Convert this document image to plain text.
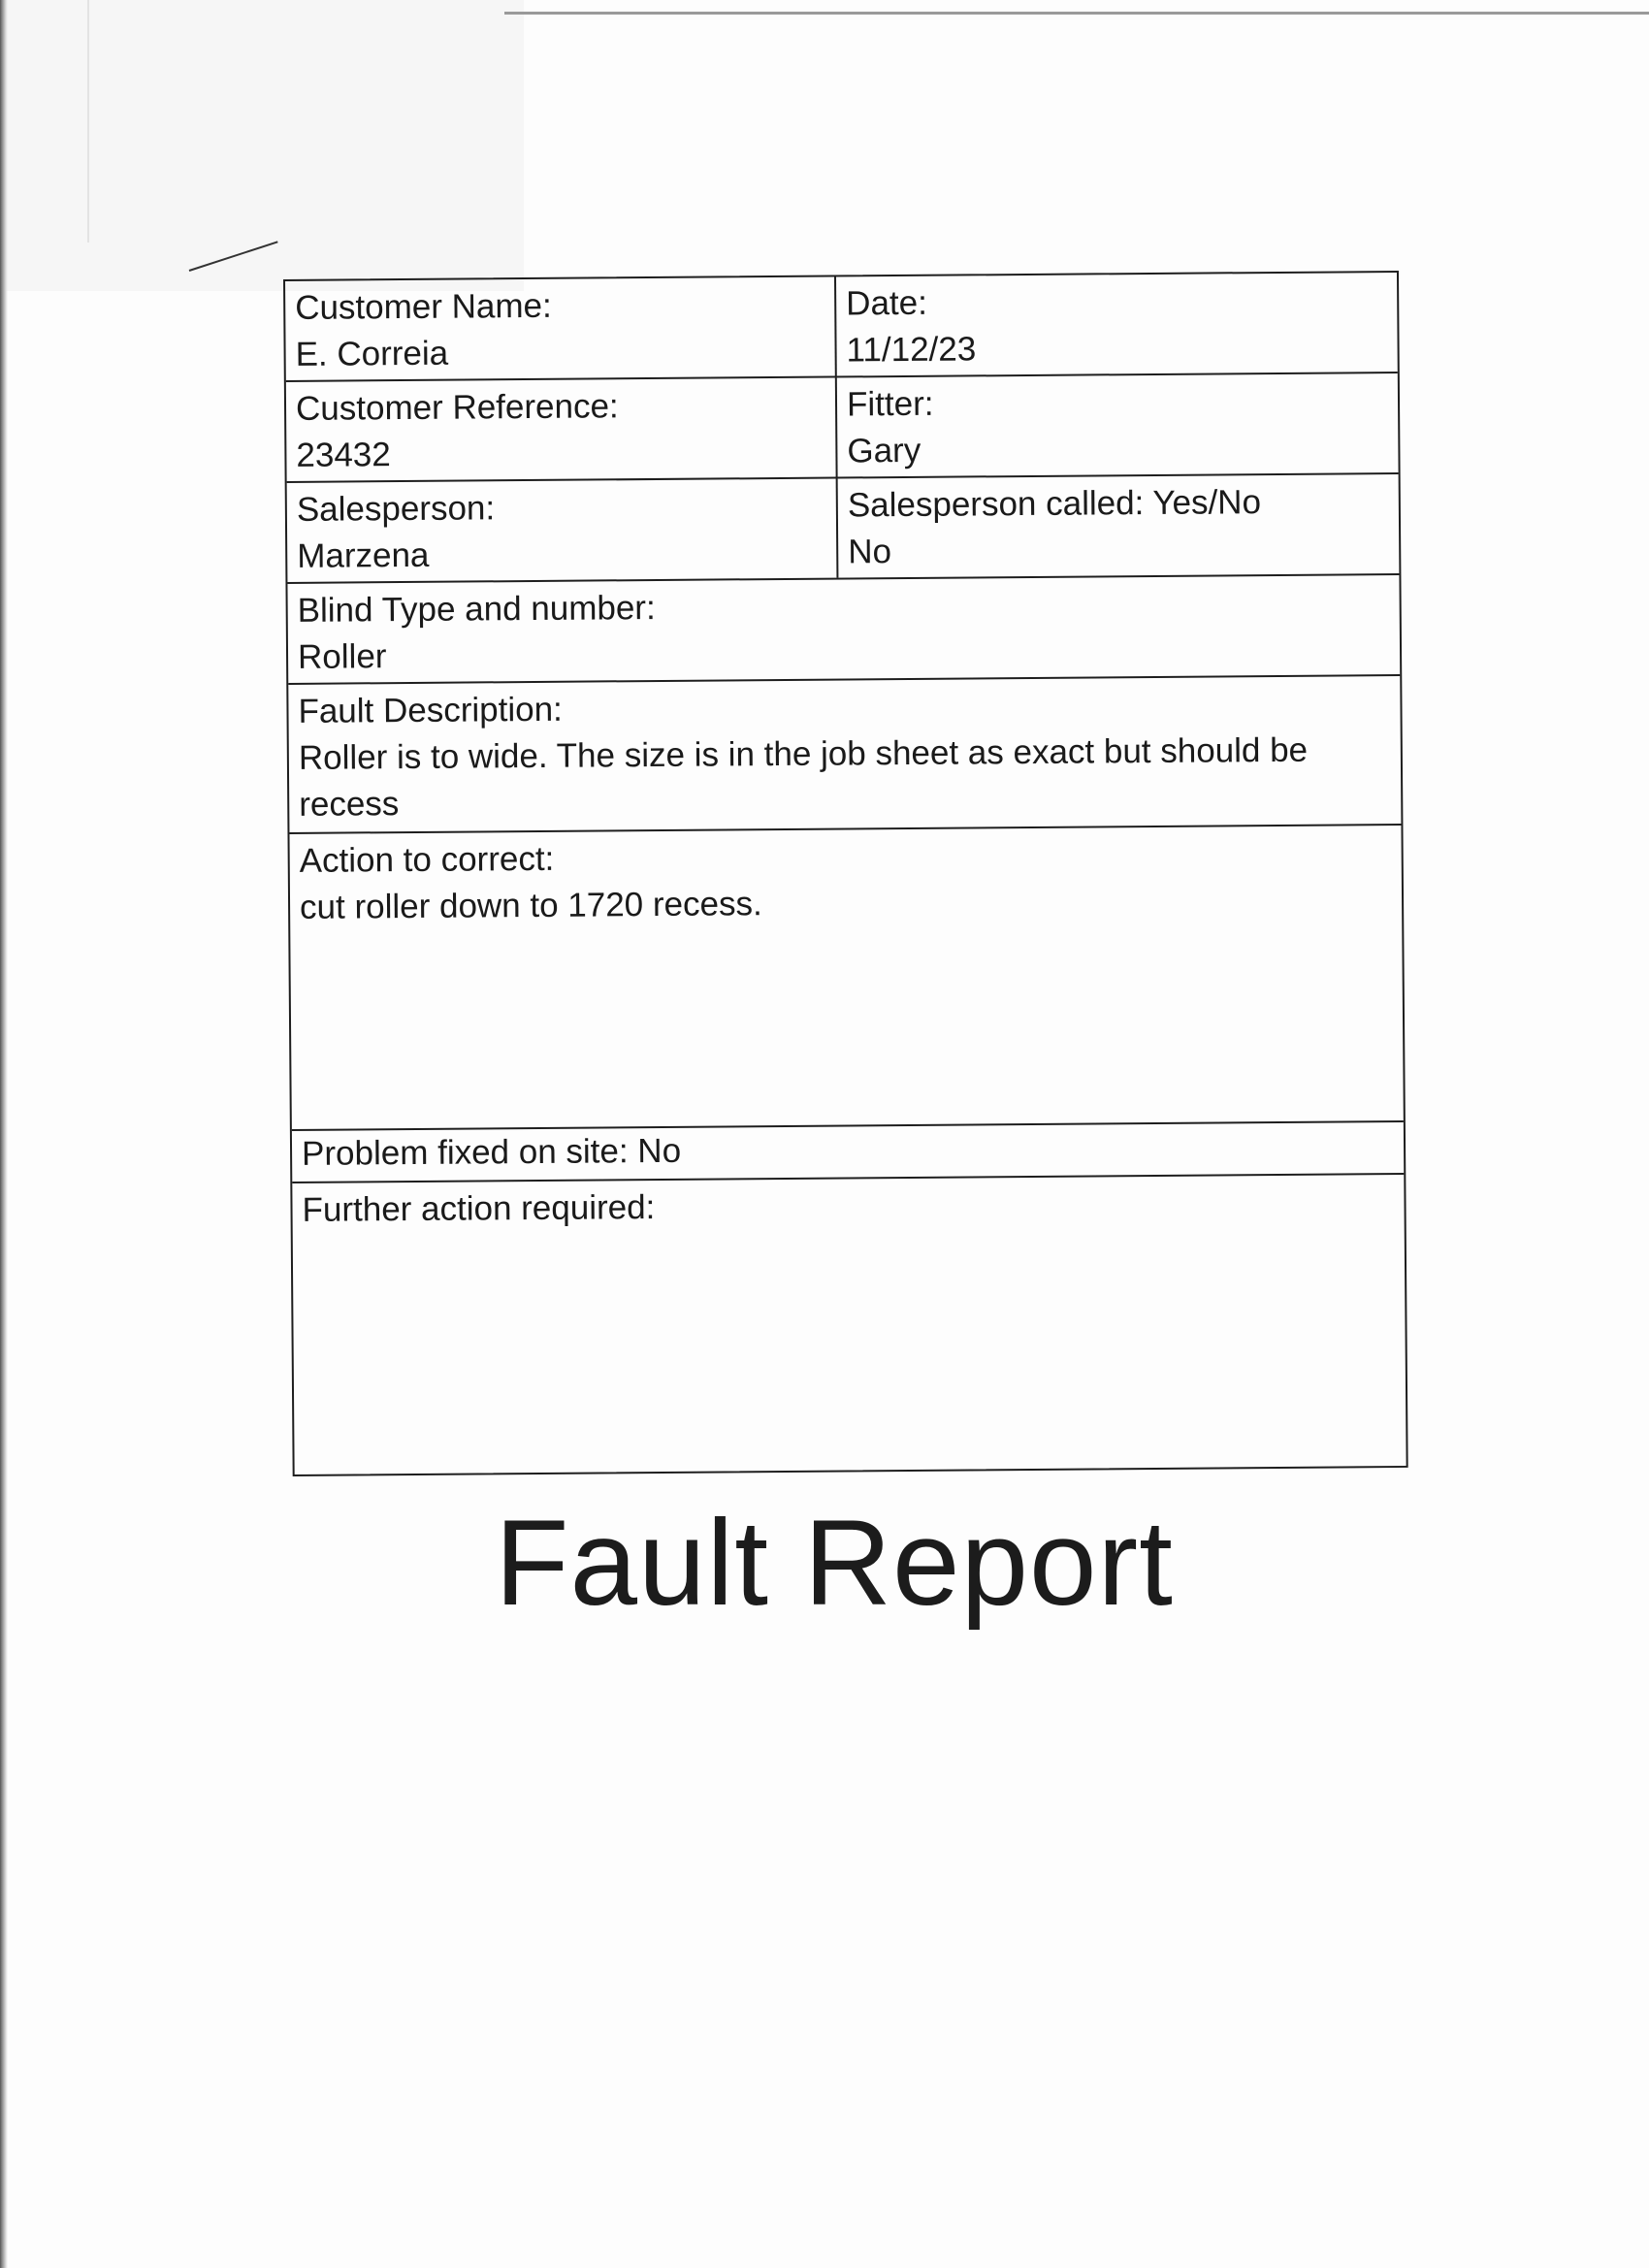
Customer Name:
E. Correia
Date:
11/12/23
Customer Reference:
23432
Fitter:
Gary
Salesperson:
Marzena
Salesperson called: Yes/No
No
Blind Type and number:
Roller
Fault Description:
Roller is to wide. The size is in the job sheet as exact but should be recess
Action to correct:
cut roller down to 1720 recess.
Problem fixed on site: No
Further action required:
Fault Report
